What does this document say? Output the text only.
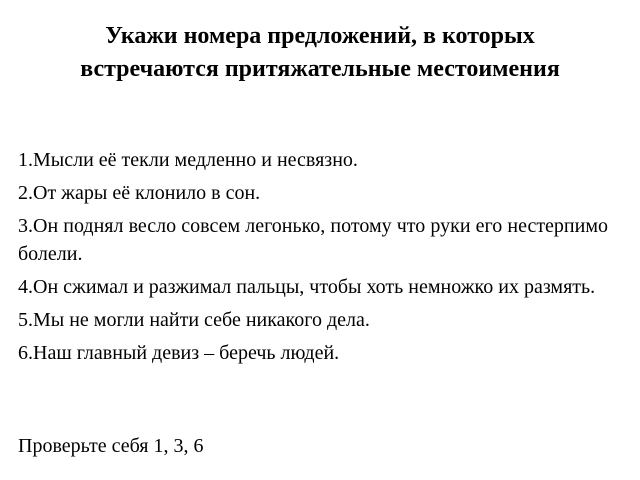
Укажи номера предложений, в которых встречаются притяжательные местоимения
1.Мысли её текли медленно и несвязно.
2.От жары её клонило в сон.
3.Он поднял весло совсем легонько, потому что руки его нестерпимо болели.
4.Он сжимал и разжимал пальцы, чтобы хоть немножко их размять.
5.Мы не могли найти себе никакого дела.
6.Наш главный девиз – беречь людей.
Проверьте себя 1, 3, 6
